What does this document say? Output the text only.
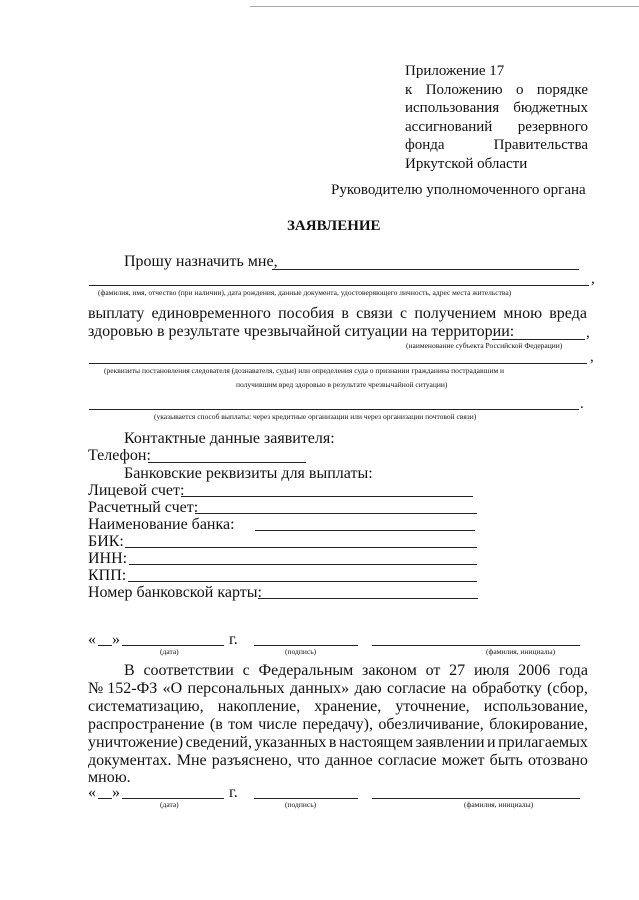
Приложение 17
к Положению о порядке
использования бюджетных
ассигнований резервного
фонда	Правительства
Иркутской области
Руководителю уполномоченного органа
ЗАЯВЛЕНИЕ
Прошу назначить мне,
,
(фамилия, имя, отчество (при наличии), дата рождения, данные документа, удостоверяющего личность, адрес места жительства)
выплату единовременного пособия в связи с получением мною вреда
здоровью в результате чрезвычайной ситуации на территории:	,
(наименование субъекта Российской Федерации)
,
(реквизиты постановления следователя (дознавателя, судьи) или определения суда о признании гражданина пострадавшим и
получившим вред здоровью в результате чрезвычайной ситуации)
.
(указывается способ выплаты: через кредитные организации или через организации почтовой связи)
Контактные данные заявителя:
Телефон:
Банковские реквизиты для выплаты:
Лицевой счет:
Расчетный счет:
Наименование банка:
БИК:
ИНН:
КПП:
Номер банковской карты:
« »	г.
(дата)	(подпись)	(фамилия, инициалы)
В соответствии с Федеральным законом от 27 июля 2006 года
№ 152-ФЗ «О персональных данных» даю согласие на обработку (сбор,
систематизацию, накопление, хранение, уточнение, использование,
распространение (в том числе передачу), обезличивание, блокирование,
уничтожение) сведений, указанных в настоящем заявлении и прилагаемых
документах. Мне разъяснено, что данное согласие может быть отозвано
мною.
« »	г.
(дата)	(подпись)	(фамилия, инициалы)
